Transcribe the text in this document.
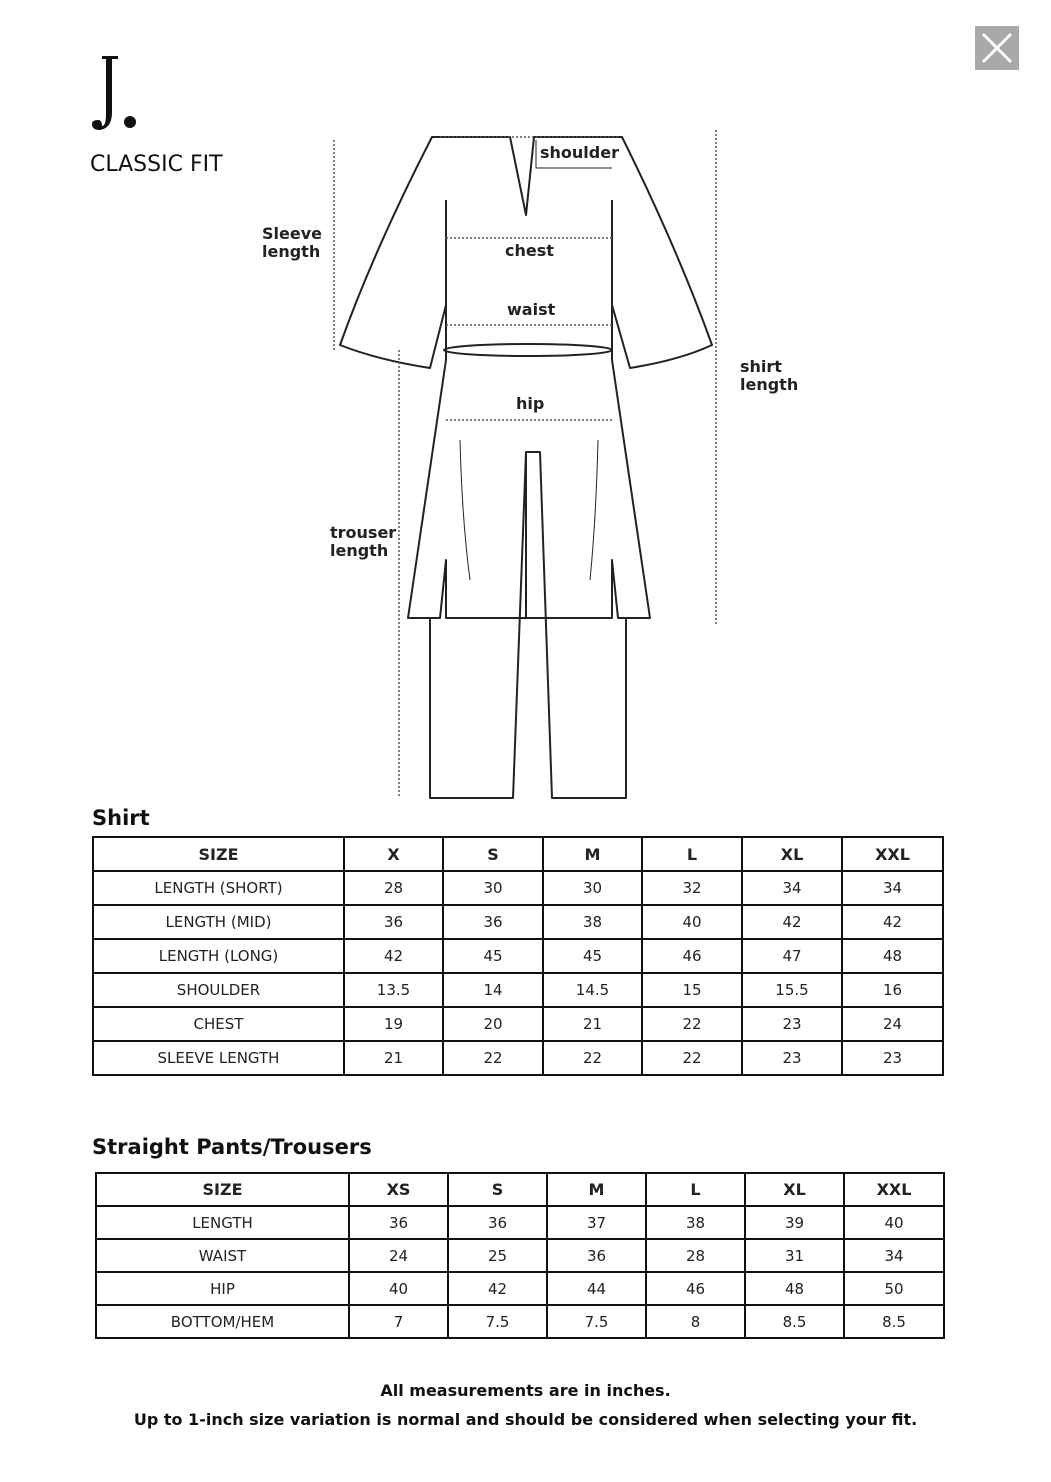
CLASSIC FIT	shoulder
Sleeve
length	chest
waist
shirt
length
hip
trouser
length
Shirt
SIZE	X	S	M	L	XL	XXL
LENGTH (SHORT)	28	30	30	32	34	34
LENGTH (MID)	36	36	38	40	42	42
LENGTH (LONG)	42	45	45	46	47	48
SHOULDER	13.5	14	14.5	15	15.5	16
CHEST	19	20	21	22	23	24
SLEEVE LENGTH	21	22	22	22	23	23
Straight Pants/Trousers
SIZE	XS	S	M	L	XL	XXL
LENGTH	36	36	37	38	39	40
WAIST	24	25	36	28	31	34
HIP	40	42	44	46	48	50
BOTTOM/HEM	7	7.5	7.5	8	8.5	8.5
All measurements are in inches.
Up to 1-inch size variation is normal and should be considered when selecting your fit.
